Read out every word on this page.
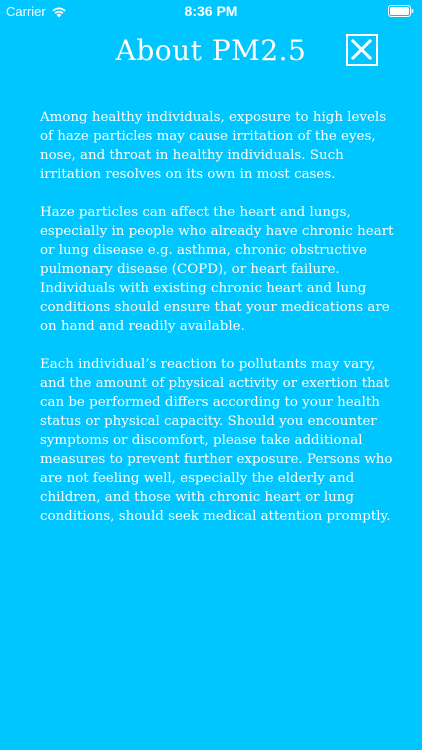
Carrier	8:36 PM
About PM2.5

Among healthy individuals, exposure to high levels of haze particles may cause irritation of the eyes, nose, and throat in healthy individuals. Such irritation resolves on its own in most cases.

Haze particles can affect the heart and lungs, especially in people who already have chronic heart or lung disease e.g. asthma, chronic obstructive pulmonary disease (COPD), or heart failure. Individuals with existing chronic heart and lung conditions should ensure that your medications are on hand and readily available.

Each individual’s reaction to pollutants may vary, and the amount of physical activity or exertion that can be performed differs according to your health status or physical capacity. Should you encounter symptoms or discomfort, please take additional measures to prevent further exposure. Persons who are not feeling well, especially the elderly and children, and those with chronic heart or lung conditions, should seek medical attention promptly.
